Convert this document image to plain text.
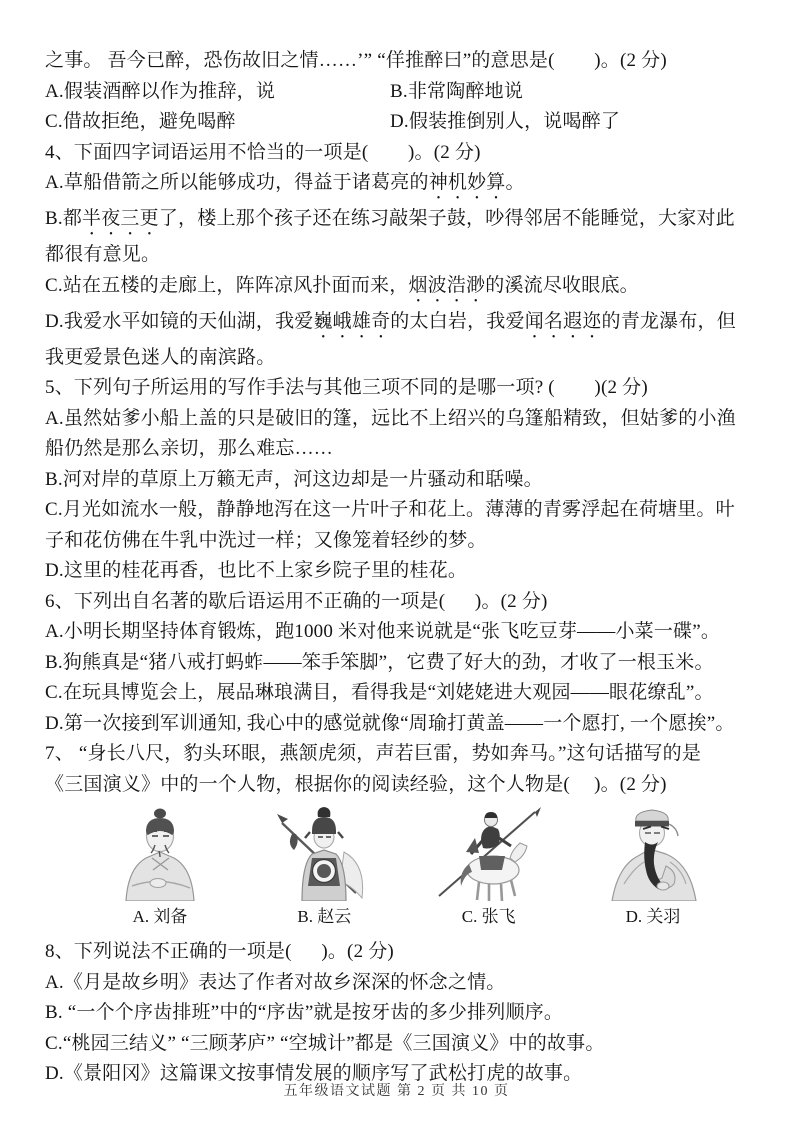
之事。 吾今已醉，恐伤故旧之情……’” “佯推醉曰”的意思是(        )。(2 分)
A.假装酒醉以作为推辞，说	B.非常陶醉地说
C.借故拒绝，避免喝醉	D.假装推倒别人，说喝醉了
4、下面四字词语运用不恰当的一项是(        )。(2 分)
A.草船借箭之所以能够成功，得益于诸葛亮的神机妙算。
B.都半夜三更了，楼上那个孩子还在练习敲架子鼓，吵得邻居不能睡觉，大家对此
都很有意见。
C.站在五楼的走廊上，阵阵凉风扑面而来，烟波浩渺的溪流尽收眼底。
D.我爱水平如镜的天仙湖，我爱巍峨雄奇的太白岩，我爱闻名遐迩的青龙瀑布，但
我更爱景色迷人的南滨路。
5、下列句子所运用的写作手法与其他三项不同的是哪一项? (        )(2 分)
A.虽然姑爹小船上盖的只是破旧的篷，远比不上绍兴的乌篷船精致，但姑爹的小渔
船仍然是那么亲切，那么难忘……
B.河对岸的草原上万籁无声，河这边却是一片骚动和聒噪。
C.月光如流水一般，静静地泻在这一片叶子和花上。薄薄的青雾浮起在荷塘里。叶
子和花仿佛在牛乳中洗过一样；又像笼着轻纱的梦。
D.这里的桂花再香，也比不上家乡院子里的桂花。
6、下列出自名著的歇后语运用不正确的一项是(      )。(2 分)
A.小明长期坚持体育锻炼，跑1000 米对他来说就是“张飞吃豆芽——小菜一碟”。
B.狗熊真是“猪八戒打蚂蚱——笨手笨脚”，它费了好大的劲，才收了一根玉米。
C.在玩具博览会上，展品琳琅满目，看得我是“刘姥姥进大观园——眼花缭乱”。
D.第一次接到军训通知, 我心中的感觉就像“周瑜打黄盖——一个愿打, 一个愿挨”。
7、 “身长八尺，豹头环眼，燕颔虎须，声若巨雷，势如奔马。”这句话描写的是
《三国演义》中的一个人物，根据你的阅读经验，这个人物是(　 )。(2 分)
A. 刘备	B. 赵云	C. 张飞	D. 关羽
8、下列说法不正确的一项是(      )。(2 分)
A.《月是故乡明》表达了作者对故乡深深的怀念之情。
B. “一个个序齿排班”中的“序齿”就是按牙齿的多少排列顺序。
C.“桃园三结义” “三顾茅庐” “空城计”都是《三国演义》中的故事。
D.《景阳冈》这篇课文按事情发展的顺序写了武松打虎的故事。
五年级语文试题 第 2 页 共 10 页
